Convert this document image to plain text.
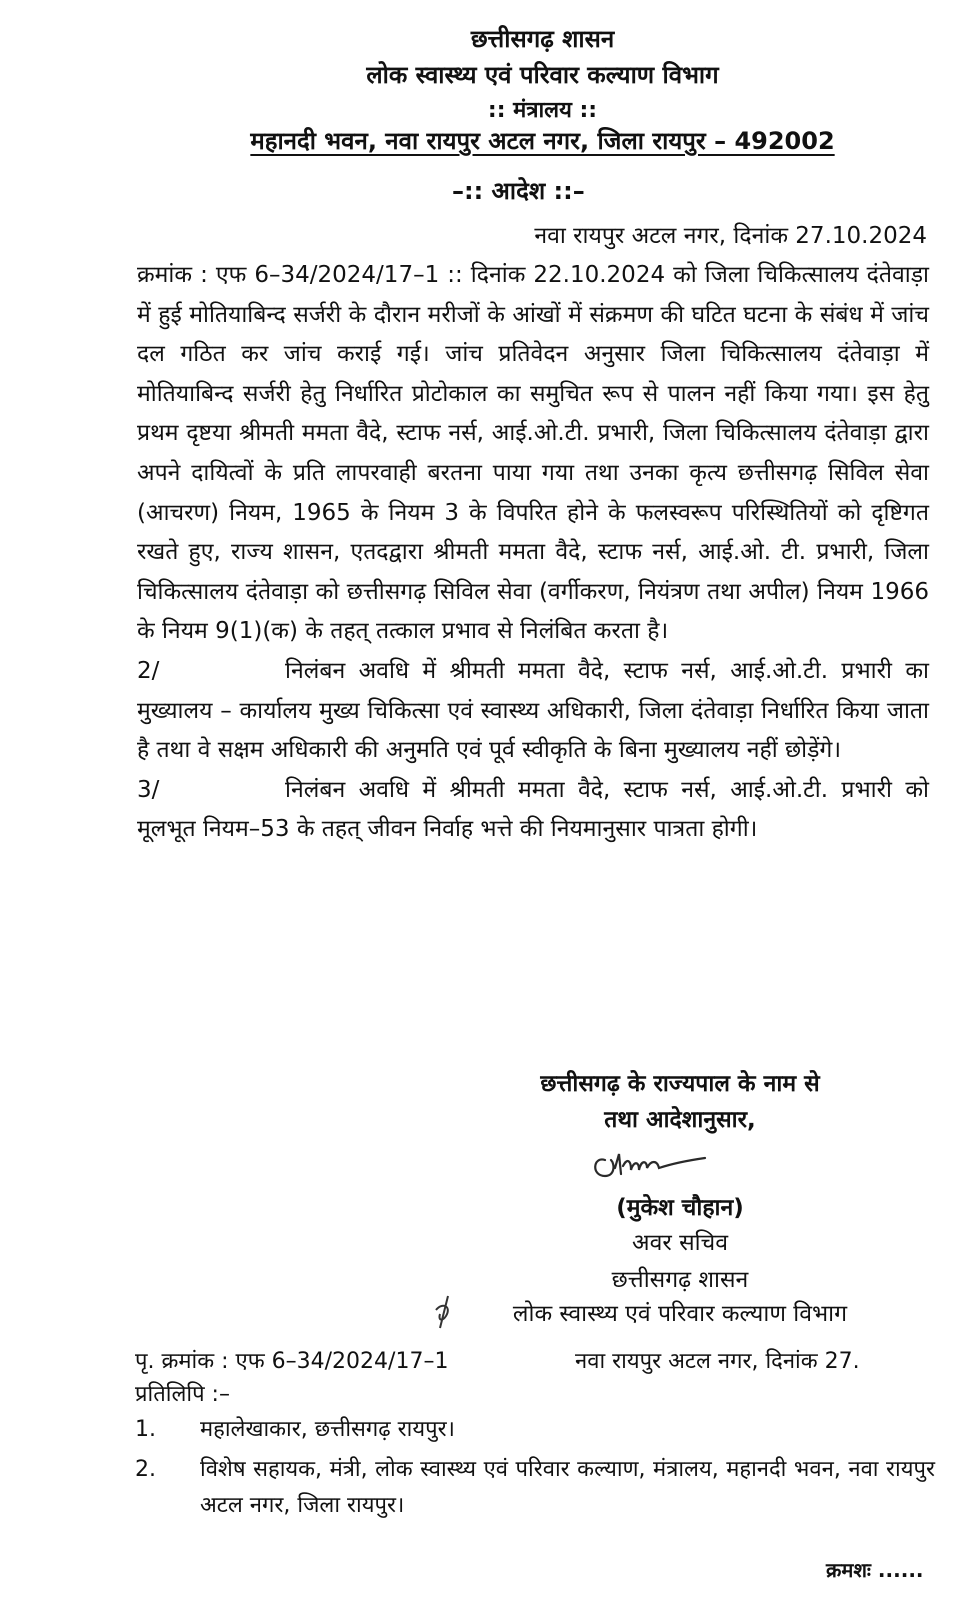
छत्तीसगढ़ शासन
लोक स्वास्थ्य एवं परिवार कल्याण विभाग
:: मंत्रालय ::
महानदी भवन, नवा रायपुर अटल नगर, जिला रायपुर – 492002
–:: आदेश ::–
नवा रायपुर अटल नगर, दिनांक 27.10.2024

क्रमांक : एफ 6–34/2024/17–1 :: दिनांक 22.10.2024 को जिला चिकित्सालय दंतेवाड़ा में हुई मोतियाबिन्द सर्जरी के दौरान मरीजों के आंखों में संक्रमण की घटित घटना के संबंध में जांच दल गठित कर जांच कराई गई। जांच प्रतिवेदन अनुसार जिला चिकित्सालय दंतेवाड़ा में मोतियाबिन्द सर्जरी हेतु निर्धारित प्रोटोकाल का समुचित रूप से पालन नहीं किया गया। इस हेतु प्रथम दृष्टया श्रीमती ममता वैदे, स्टाफ नर्स, आई.ओ.टी. प्रभारी, जिला चिकित्सालय दंतेवाड़ा द्वारा अपने दायित्वों के प्रति लापरवाही बरतना पाया गया तथा उनका कृत्य छत्तीसगढ़ सिविल सेवा (आचरण) नियम, 1965 के नियम 3 के विपरित होने के फलस्वरूप परिस्थितियों को दृष्टिगत रखते हुए, राज्य शासन, एतदद्वारा श्रीमती ममता वैदे, स्टाफ नर्स, आई.ओ. टी. प्रभारी, जिला चिकित्सालय दंतेवाड़ा को छत्तीसगढ़ सिविल सेवा (वर्गीकरण, नियंत्रण तथा अपील) नियम 1966 के नियम 9(1)(क) के तहत् तत्काल प्रभाव से निलंबित करता है।

2/	निलंबन अवधि में श्रीमती ममता वैदे, स्टाफ नर्स, आई.ओ.टी. प्रभारी का मुख्यालय – कार्यालय मुख्य चिकित्सा एवं स्वास्थ्य अधिकारी, जिला दंतेवाड़ा निर्धारित किया जाता है तथा वे सक्षम अधिकारी की अनुमति एवं पूर्व स्वीकृति के बिना मुख्यालय नहीं छोड़ेंगे।

3/	निलंबन अवधि में श्रीमती ममता वैदे, स्टाफ नर्स, आई.ओ.टी. प्रभारी को मूलभूत नियम–53 के तहत् जीवन निर्वाह भत्ते की नियमानुसार पात्रता होगी।

छत्तीसगढ़ के राज्यपाल के नाम से
तथा आदेशानुसार,
(मुकेश चौहान)
अवर सचिव
छत्तीसगढ़ शासन
लोक स्वास्थ्य एवं परिवार कल्याण विभाग
पृ. क्रमांक : एफ 6–34/2024/17–1	नवा रायपुर अटल नगर, दिनांक 27.
प्रतिलिपि :–
1. महालेखाकार, छत्तीसगढ़ रायपुर।
2. विशेष सहायक, मंत्री, लोक स्वास्थ्य एवं परिवार कल्याण, मंत्रालय, महानदी भवन, नवा रायपुर अटल नगर, जिला रायपुर।
क्रमशः ......
